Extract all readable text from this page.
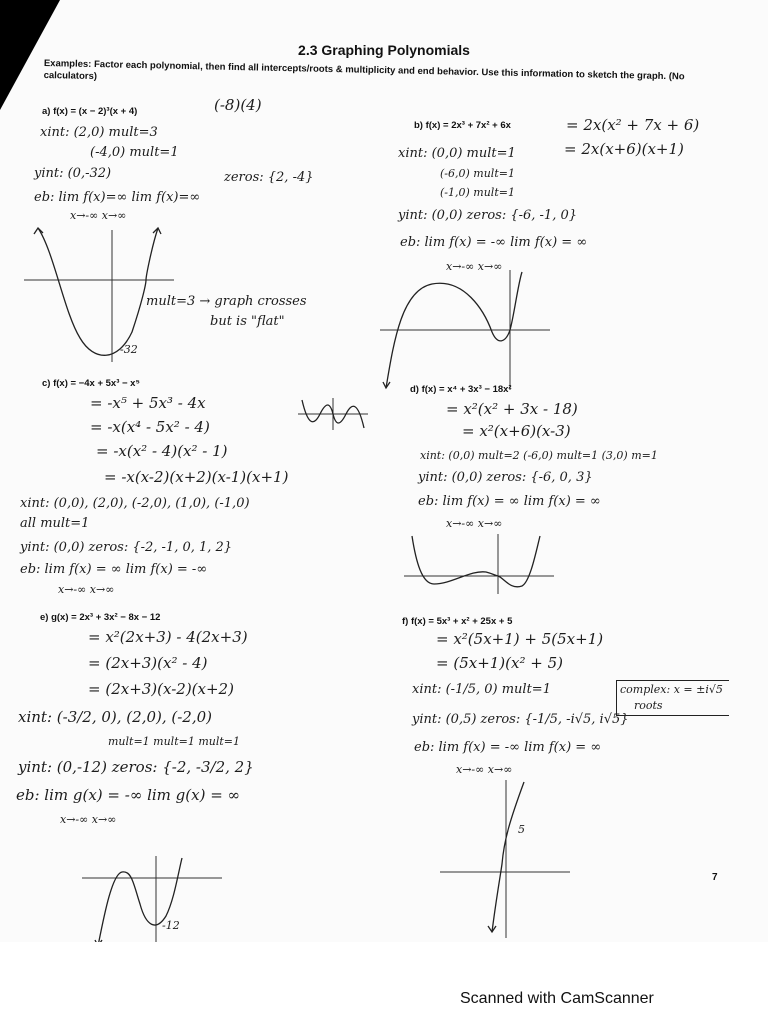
2.3 Graphing Polynomials
Examples: Factor each polynomial, then find all intercepts/roots & multiplicity and end behavior. Use this information to sketch the graph. (No calculators)
a) f(x) = (x − 2)³(x + 4)	(-8)(4)
xint: (2,0) mult=3
(-4,0) mult=1
yint: (0,-32)	zeros: {2, -4}
eb: lim f(x)=∞ lim f(x)=∞
x→-∞ x→∞
mult=3 → graph crosses
but is "flat"
-32
b) f(x) = 2x³ + 7x² + 6x	= 2x(x² + 7x + 6)
= 2x(x+6)(x+1)
xint: (0,0) mult=1
(-6,0) mult=1
(-1,0) mult=1
yint: (0,0) zeros: {-6, -1, 0}
eb: lim f(x) = -∞ lim f(x) = ∞
x→-∞ x→∞
c) f(x) = −4x + 5x³ − x⁵
= -x⁵ + 5x³ - 4x
= -x(x⁴ - 5x² - 4)
= -x(x² - 4)(x² - 1)
= -x(x-2)(x+2)(x-1)(x+1)
xint: (0,0), (2,0), (-2,0), (1,0), (-1,0)
all mult=1
yint: (0,0) zeros: {-2, -1, 0, 1, 2}
eb: lim f(x) = ∞ lim f(x) = -∞
x→-∞ x→∞
d) f(x) = x⁴ + 3x³ − 18x²
= x²(x² + 3x - 18)
= x²(x+6)(x-3)
xint: (0,0) mult=2 (-6,0) mult=1 (3,0) m=1
yint: (0,0) zeros: {-6, 0, 3}
eb: lim f(x) = ∞ lim f(x) = ∞
x→-∞ x→∞
e) g(x) = 2x³ + 3x² − 8x − 12
= x²(2x+3) - 4(2x+3)
= (2x+3)(x² - 4)
= (2x+3)(x-2)(x+2)
xint: (-3/2, 0), (2,0), (-2,0)
mult=1 mult=1 mult=1
yint: (0,-12) zeros: {-2, -3/2, 2}
eb: lim g(x) = -∞ lim g(x) = ∞
x→-∞ x→∞
-12
f) f(x) = 5x³ + x² + 25x + 5
= x²(5x+1) + 5(5x+1)
= (5x+1)(x² + 5)
xint: (-1/5, 0) mult=1
yint: (0,5) zeros: {-1/5, -i√5, i√5}
eb: lim f(x) = -∞ lim f(x) = ∞
x→-∞ x→∞
complex: x = ±i√5
roots
5
7
Scanned with CamScanner
